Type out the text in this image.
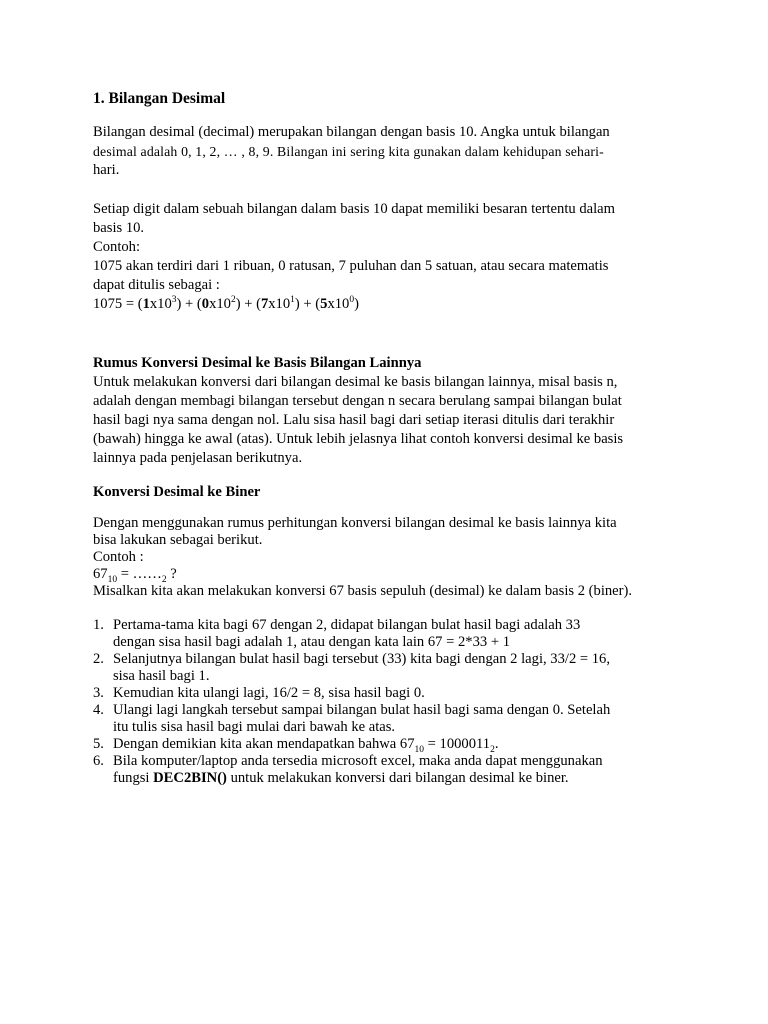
1. Bilangan Desimal
Bilangan desimal (decimal) merupakan bilangan dengan basis 10. Angka untuk bilangan
desimal adalah 0, 1, 2, … , 8, 9. Bilangan ini sering kita gunakan dalam kehidupan sehari-
hari.
Setiap digit dalam sebuah bilangan dalam basis 10 dapat memiliki besaran tertentu dalam
basis 10.
Contoh:
1075 akan terdiri dari 1 ribuan, 0 ratusan, 7 puluhan dan 5 satuan, atau secara matematis
dapat ditulis sebagai :
$1075 = (1x10^3) + (0x10^2) + (7x10^1) + (5x10^0)$
Rumus Konversi Desimal ke Basis Bilangan Lainnya
Untuk melakukan konversi dari bilangan desimal ke basis bilangan lainnya, misal basis n,
adalah dengan membagi bilangan tersebut dengan n secara berulang sampai bilangan bulat
hasil bagi nya sama dengan nol. Lalu sisa hasil bagi dari setiap iterasi ditulis dari terakhir
(bawah) hingga ke awal (atas). Untuk lebih jelasnya lihat contoh konversi desimal ke basis
lainnya pada penjelasan berikutnya.
Konversi Desimal ke Biner
Dengan menggunakan rumus perhitungan konversi bilangan desimal ke basis lainnya kita
bisa lakukan sebagai berikut.
Contoh :
$67_{10}$ = $\dots\dots_2$ ?
Misalkan kita akan melakukan konversi 67 basis sepuluh (desimal) ke dalam basis 2 (biner).
1. Pertama-tama kita bagi 67 dengan 2, didapat bilangan bulat hasil bagi adalah 33
dengan sisa hasil bagi adalah 1, atau dengan kata lain 67 = 2*33 + 1
2. Selanjutnya bilangan bulat hasil bagi tersebut (33) kita bagi dengan 2 lagi, 33/2 = 16,
sisa hasil bagi 1.
3. Kemudian kita ulangi lagi, 16/2 = 8, sisa hasil bagi 0.
4. Ulangi lagi langkah tersebut sampai bilangan bulat hasil bagi sama dengan 0. Setelah
itu tulis sisa hasil bagi mulai dari bawah ke atas.
5. Dengan demikian kita akan mendapatkan bahwa $67_{10} = 1000011_2$.
6. Bila komputer/laptop anda tersedia microsoft excel, maka anda dapat menggunakan
fungsi DEC2BIN() untuk melakukan konversi dari bilangan desimal ke biner.
